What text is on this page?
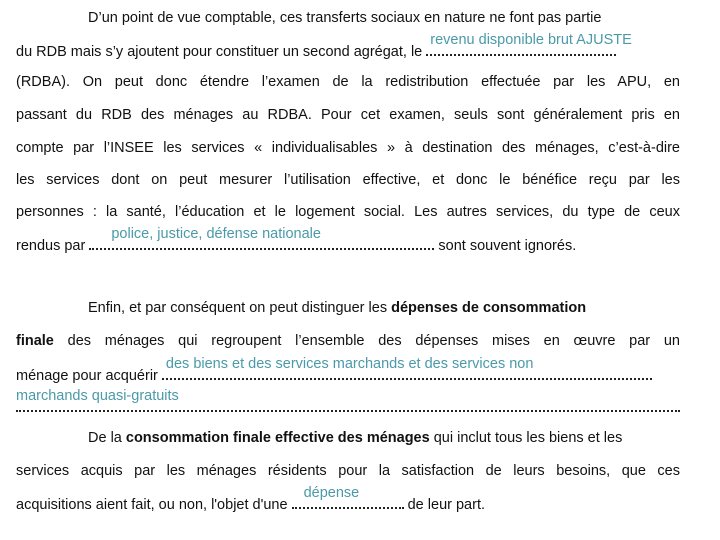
D’un point de vue comptable, ces transferts sociaux en nature ne font pas partie
du RDB mais s’y ajoutent pour constituer un second agrégat, le
revenu disponible brut AJUSTE
(RDBA). On peut donc étendre l’examen de la redistribution effectuée par les APU, en
passant du RDB des ménages au RDBA. Pour cet examen, seuls sont généralement pris en
compte par l’INSEE les services « individualisables » à destination des ménages, c’est-à-dire
les services dont on peut mesurer l’utilisation effective, et donc le bénéfice reçu par les
personnes : la santé, l’éducation et le logement social. Les autres services, du type de ceux
rendus par
police, justice, défense nationale
sont souvent ignorés.
Enfin, et par conséquent on peut distinguer les dépenses de consommation
finale des ménages qui regroupent l’ensemble des dépenses mises en œuvre par un
ménage pour acquérir
des biens et des services marchands et des services non
marchands quasi-gratuits
De la consommation finale effective des ménages qui inclut tous les biens et les
services acquis par les ménages résidents pour la satisfaction de leurs besoins, que ces
acquisitions aient fait, ou non, l'objet d'une
dépense
de leur part.
